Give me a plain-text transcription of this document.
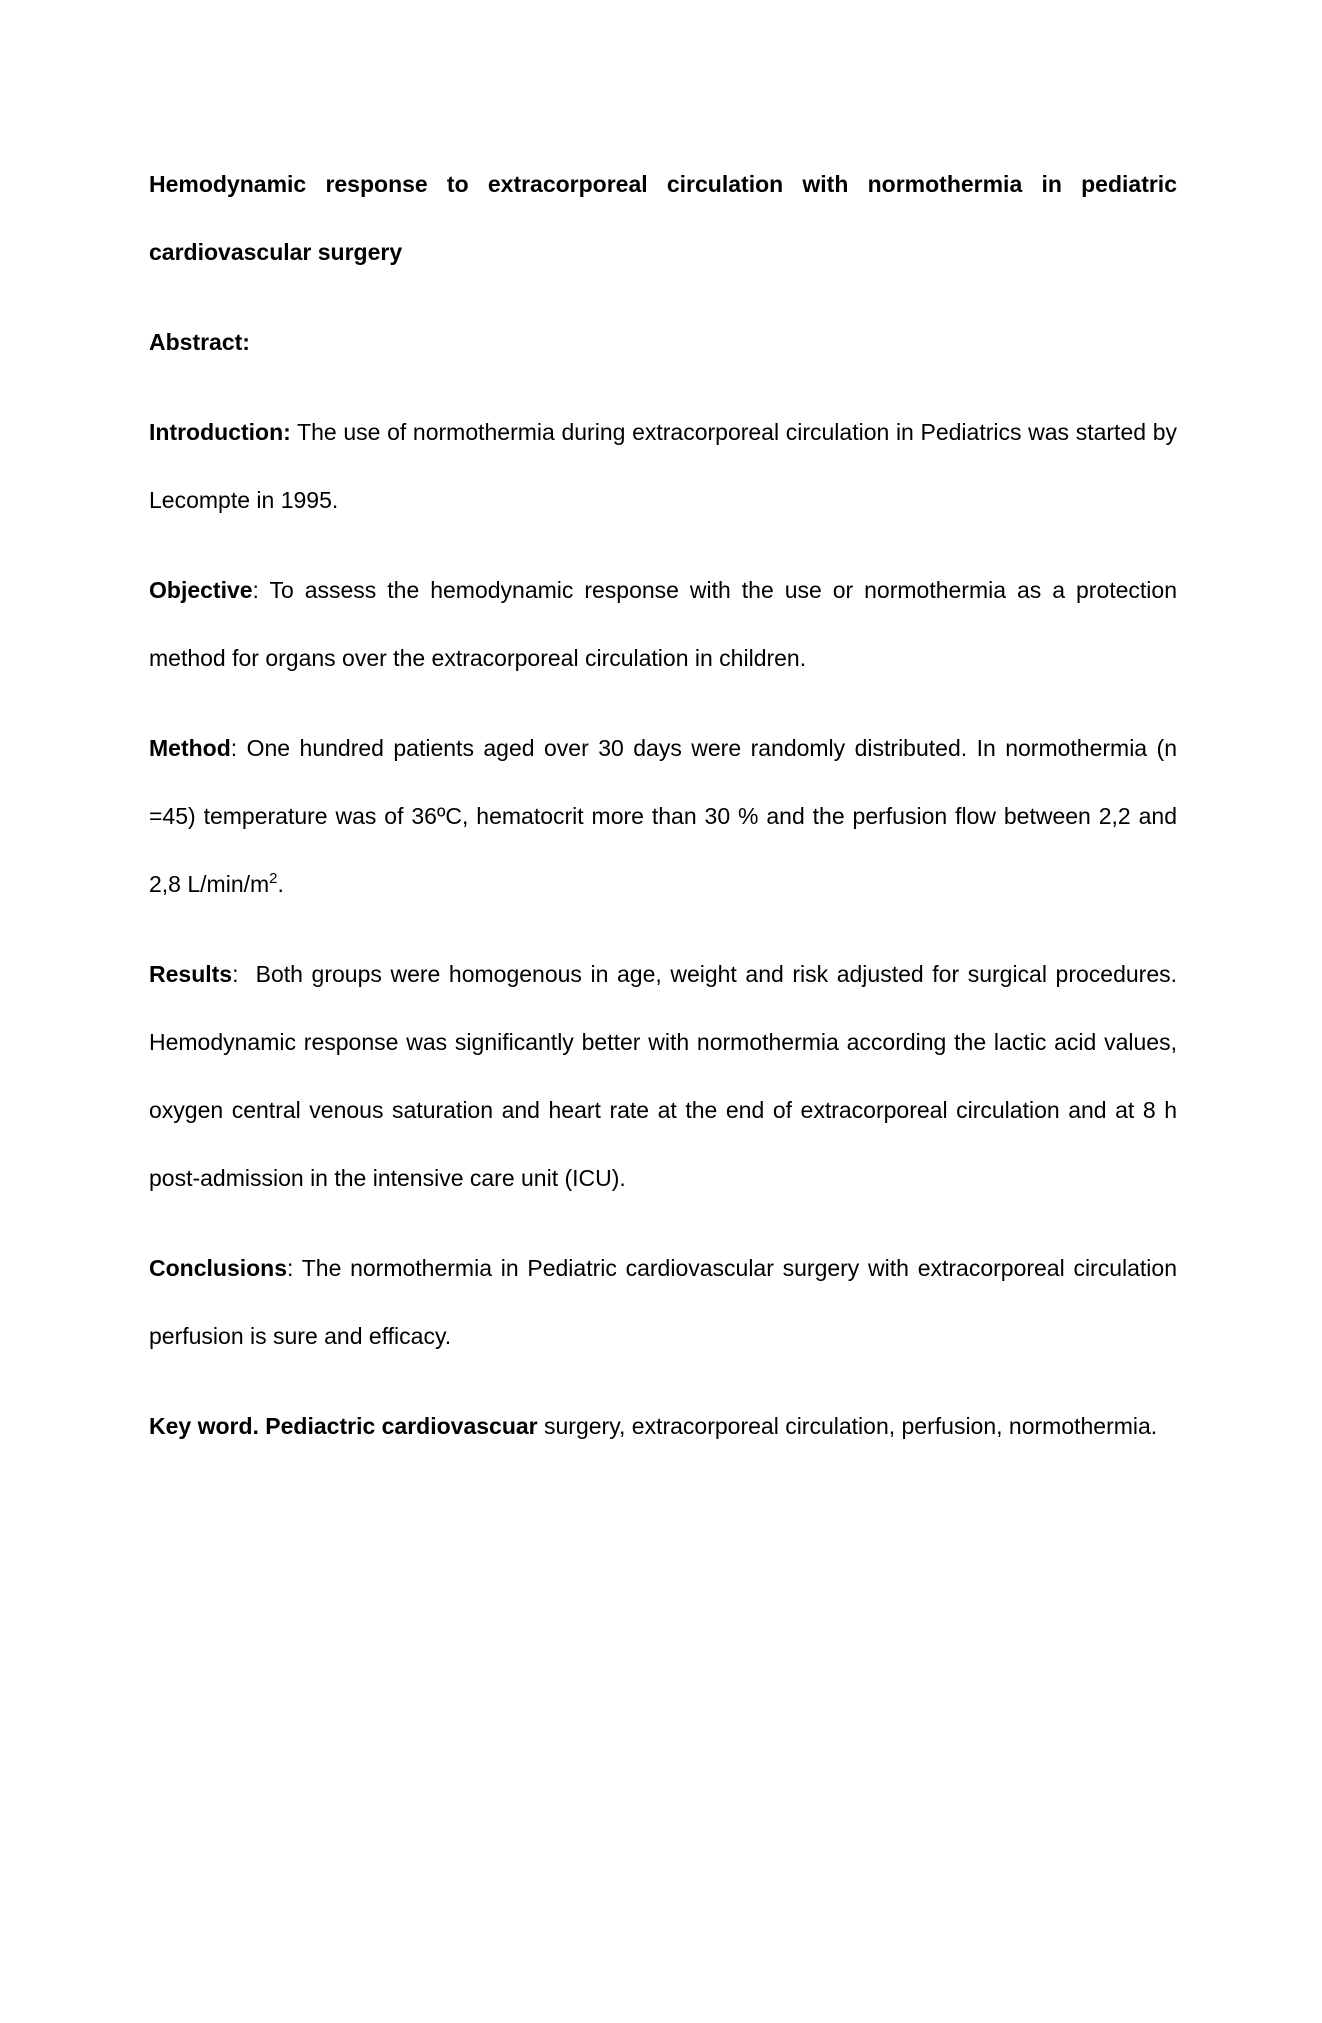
Hemodynamic response to extracorporeal circulation with normothermia in pediatric cardiovascular surgery
Abstract:

Introduction: The use of normothermia during extracorporeal circulation in Pediatrics was started by Lecompte in 1995.

Objective: To assess the hemodynamic response with the use or normothermia as a protection method for organs over the extracorporeal circulation in children.

Method: One hundred patients aged over 30 days were randomly distributed. In normothermia (n =45) temperature was of 36ºC, hematocrit more than 30 % and the perfusion flow between 2,2 and 2,8 $L/\min/m^2$.

Results:  Both groups were homogenous in age, weight and risk adjusted for surgical procedures. Hemodynamic response was significantly better with normothermia according the lactic acid values, oxygen central venous saturation and heart rate at the end of extracorporeal circulation and at 8 h post-admission in the intensive care unit (ICU).

Conclusions: The normothermia in Pediatric cardiovascular surgery with extracorporeal circulation perfusion is sure and efficacy.

Key word. Pediactric cardiovascuar surgery, extracorporeal circulation, perfusion, normothermia.
